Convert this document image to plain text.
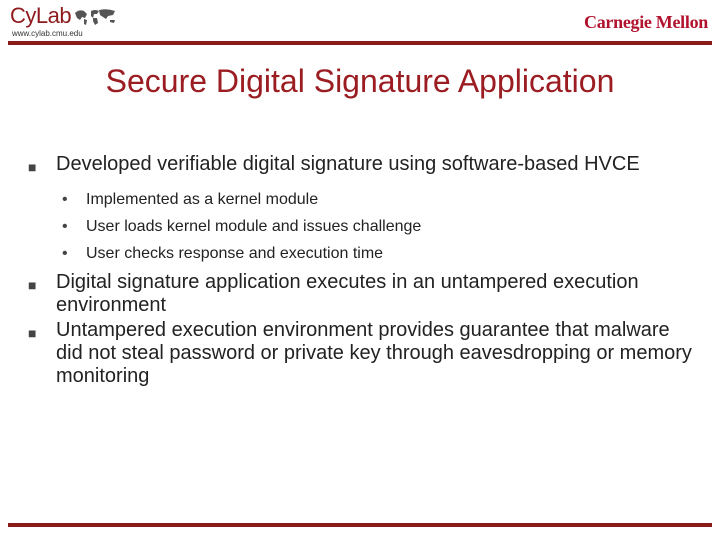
CyLab
www.cylab.cmu.edu
Carnegie Mellon
Secure Digital Signature Application
■ Developed verifiable digital signature using software-based HVCE
• Implemented as a kernel module
• User loads kernel module and issues challenge
• User checks response and execution time
■ Digital signature application executes in an untampered execution environment
■ Untampered execution environment provides guarantee that malware did not steal password or private key through eavesdropping or memory monitoring
